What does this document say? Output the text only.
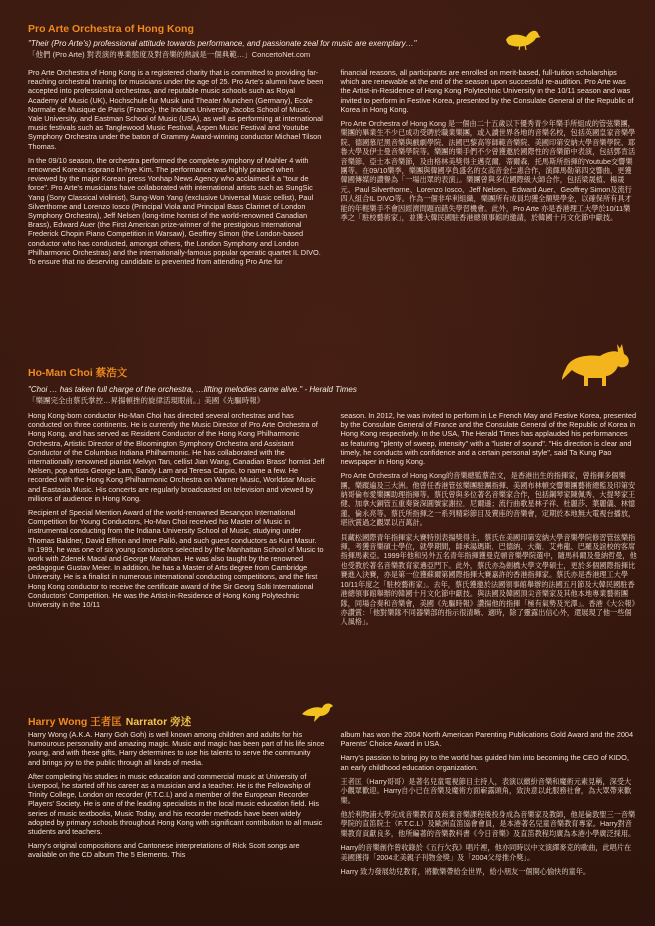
Pro Arte Orchestra of Hong Kong
"Their (Pro Arte's) professional attitude towards performance, and passionate zeal for music are exemplary…"
「他們 (Pro Arte) 對表演的專業態度及對音樂的熱誠是一個典範…」ConcertoNet.com

Pro Arte Orchestra of Hong Kong is a registered charity that is committed to providing far-reaching orchestral training for musicians under the age of 25. Pro Arte's alumni have been accepted into professional orchestras, and reputable music schools such as Royal Academy of Music (UK), Hochschule fur Musik und Theater Munchen (Germany), Ecole Normale de Musique de Paris (France), the Indiana University Jacobs School of Music, Yale University, and Eastman School of Music (USA), as well as performing at international music festivals such as Tanglewood Music Festival, Aspen Music Festival and Youtube Symphony Orchestra under the baton of Grammy Award-winning conductor Michael Tilson Thomas.

In the 09/10 season, the orchestra performed the complete symphony of Mahler 4 with renowned Korean soprano In-hye Kim. The performance was highly praised when reviewed by the major Korean press Yonhap News Agency who acclaimed it a "tour de force". Pro Arte's musicians have collaborated with international artists such as SungSic Yang (Sony Classical violinist), Sung-Won Yang (exclusive Universal Music cellist), Paul Silverthorne and Lorenzo Iosco (Principal Viola and Principal Bass Clarinet of London Symphony Orchestra), Jeff Nelsen (long-time hornist of the world-renowned Canadian Brass), Edward Auer (the First American prize-winner of the prestigious International Frederick Chopin Piano Competition in Warsaw), Geoffrey Simon (the London-based conductor who has conducted, amongst others, the London Symphony and London Philharmonic Orchestras) and the internationally-famous popular operatic quartet IL DIVO. To ensure that no deserving candidate is prevented from attending Pro Arte for

financial reasons, all participants are enrolled on merit-based, full-tuition scholarships which are renewable at the end of the season upon successful re-audition. Pro Arte was the Artist-in-Residence of Hong Kong Polytechnic University in the 10/11 season and was invited to perform in Festive Korea, presented by the Consulate General of the Republic of Korea in Hong Kong.

Pro Arte Orchestra of Hong Kong 是一個由二十五歲以下優秀青少年樂手所組成的管弦樂團，樂團的畢業生不少已成功受聘於職業樂團，或入讀世界各地的音樂名校，包括英國皇家音樂學院、德國慕尼黑音樂與戲劇學院、法國巴黎高等師範音樂院、美國印第安納大學音樂學院、耶魯大學及伊士曼音樂學院等。樂團的樂手們不少曾獲邀於國際性的音樂節中表演，包括鄧肯活音樂節、亞士本音樂節，及由格林美獎得主邁克爾．蒂爾森．托馬斯所指揮的Youtube交響樂團等。在09/10樂季，樂團與韓國享負盛名的女高音金仁惠合作，演繹馬勒第四交響曲，更獲韓國傳媒的讚譽為「一場出眾的表演」。樂團曾與多位國際級大師合作，包括梁晟植、楊晟元、Paul Silverthorne、Lorenzo Iosco、Jeff Nelsen、Edward Auer、Geoffrey Simon及流行四人組合IL DIVO等。作為一個非牟利組織，樂團所有成員均獲全額獎學金，以確保所有具才能的年輕樂手不會因經濟問題而錯失學習機會。此外，Pro Arte 亦是香港理工大學於10/11樂季之「駐校藝術家」，並獲大韓民國駐香港總領事館的邀請，於韓國十月文化節中獻技。

Ho-Man Choi 蔡浩文
"Choi … has taken full charge of the orchestra, …lifting melodies came alive." - Herald Times
「樂團完全由蔡氏掌控…昇揚頓挫的旋律活現眼前。」美國《先驅時報》

Hong Kong-born conductor Ho-Man Choi has directed several orchestras and has conducted on three continents. He is currently the Music Director of Pro Arte Orchestra of Hong Kong, and has served as Resident Conductor of the Hong Kong Philharmonic Orchestra, Artistic Director of the Bloomington Symphony Orchestra and Assistant Conductor of the Columbus Indiana Philharmonic. He has collaborated with the internationally renowned pianist Melvyn Tan, cellist Jian Wang, Canadian Brass' hornist Jeff Nelsen, pop artists George Lam, Sandy Lam and Teresa Carpio, to name a few. He recorded with the Hong Kong Philharmonic Orchestra on Warner Music, Worldstar Music and Eastasia Music. His concerts are regularly broadcasted on television and viewed by millions of audience in Hong Kong.

Recipient of Special Mention Award of the world-renowned Besançon International Competition for Young Conductors, Ho-Man Choi received his Master of Music in instrumental conducting from the Indiana University School of Music, studying under Thomas Baldner, David Effron and Imre Palló, and such guest conductors as Kurt Masur. In 1999, he was one of six young conductors selected by the Manhattan School of Music to work with Zdenek Macal and George Manahan. He was also taught by the renowned pedagogue Gustav Meier. In addition, he has a Master of Arts degree from Cambridge University. He is a finalist in numerous international conducting competitions, and the first Hong Kong conductor to receive the certificate award of the Sir Georg Solti International Conductors' Competition. He was the Artist-in-Residence of Hong Kong Polytechnic University in the 10/11

season. In 2012, he was invited to perform in Le French May and Festive Korea, presented by the Consulate General of France and the Consulate General of the Republic of Korea in Hong Kong respectively. In the USA, The Herald Times has applauded his performances as featuring "plenty of sweep, intensity" with a "luster of sound". "His direction is clear and timely, he conducts with confidence and a certain personal style", said Ta Kung Pao newspaper in Hong Kong.

Pro Arte Orchestra of Hong Kong的音樂總監蔡浩文，是香港出生的指揮家，曾指揮多個樂團，樂蹤遍及三大洲。他曾任香港管弦樂團駐團指揮、美國布林頓交響樂團藝術總監及印第安納哥倫布愛樂團助理指揮等。蔡氏曾與多位著名音樂家合作，包括鋼琴家陳佩秀、大提琴家王健、加拿大銅管五重奏資深圓號家謝拉．尼爾遜；流行曲歌星林子祥、杜麗莎、葉麗儀、林憶蓮，倫永亮等。蔡氏所指揮之一系列精彩節目及賣座的音樂會，定期於本地無大電視台播放，堪欣賞過之觀眾以百萬計。

貝藏松國際青年指揮家大賽特別表揚獎得主，蔡氏在美國印第安納大學音樂學院修習管弦樂指揮，考獲音樂碩士學位，就學期間，師承湯瑪斯．巴德納、大衛．艾弗龍、巴羅及誼校的客席指揮馬素亞。1999年他和另外五名青年指揮獲曼克頓音樂學院選中，隨馬科爾及曼納哲曼，他也受教於著名音樂教育家邁亞門下。此外，蔡氏亦為劍橋大學文學碩士，更於多個國際指揮比賽進入決賽，亦是第一位獲蘇爾第國際指揮大賽嘉許的香港指揮家。蔡氏亦是香港理工大學10/11年度之「駐校藝術家」。去年，蔡氏獲邀於法國領事館舉辦的法國五月節及大韓民國駐香港總領事館舉辦的韓國十月文化節中獻技。與法國及韓國頂尖音樂家及其他本地專業藝術團隊，同場合奏和音樂會，美國《先驅時報》讚揚他的指揮「極有氣勢及光澤」。香港《大公報》亦讚賞：「他對樂隊不同器樂部的指示很清晰、適時，除了靈露出信心外，還展現了他一些個人風格」。

Harry Wong 王者匡 Narrator 旁述

Harry Wong (A.K.A. Harry Goh Goh) is well known among children and adults for his humourous personality and amazing magic. Music and magic has been part of his life since young, and with these gifts, Harry determines to use his talents to serve the community and brings joy to the public through all kinds of media.

After completing his studies in music education and commercial music at University of Liverpool, he started off his career as a musician and a teacher. He is the Fellowship of Trinity College, London on recorder (F.T.C.L) and a member of the European Recorder Players' Society. He is one of the leading specialists in the local music education field. His series of music textbooks, Music Today, and his recorder methods have been widely adopted by primary schools throughout Hong Kong with significant contribution to all music students and teachers.

Harry's original compositions and Cantonese interpretations of Rick Scott songs are available on the CD album The 5 Elements. This

album has won the 2004 North American Parenting Publications Gold Award and the 2004 Parents' Choice Award in USA.

Harry's passion to bring joy to the world has guided him into becoming the CEO of KIDO, an early childhood education organization.

王者匡（Harry哥哥）是著名兒童電視節目主持人，表演以繽紛音樂和魔術元素見稱，深受大小觀眾歡迎。Harry自小已在音樂及魔術方面嶄露頭角，致決意以此服務社會，為大眾帶來歡樂。

他於利物浦大學完成音樂教育及商業音樂課程後投身成為音樂家及教師，他是倫敦聖三一音樂學院的直笛院士（F.T.C.L）及歐洲直笛協會會員，是本港著名兒童音樂教育專家。Harry對音樂教育貢獻良多，他所編著的音樂教科書《今日音樂》及直笛教程均廣為本港小學廣泛採用。

Harry的音樂創作曾收錄於《五行欠我》唱片裡，他亦同時以中文演繹麥克的歌曲，此唱片在美國獲得「2004北美親子刊物金獎」及「2004父母推介獎」。

Harry 致力發展幼兒教育，將歡樂帶給全世界，給小朋友一個開心愉快的童年。
